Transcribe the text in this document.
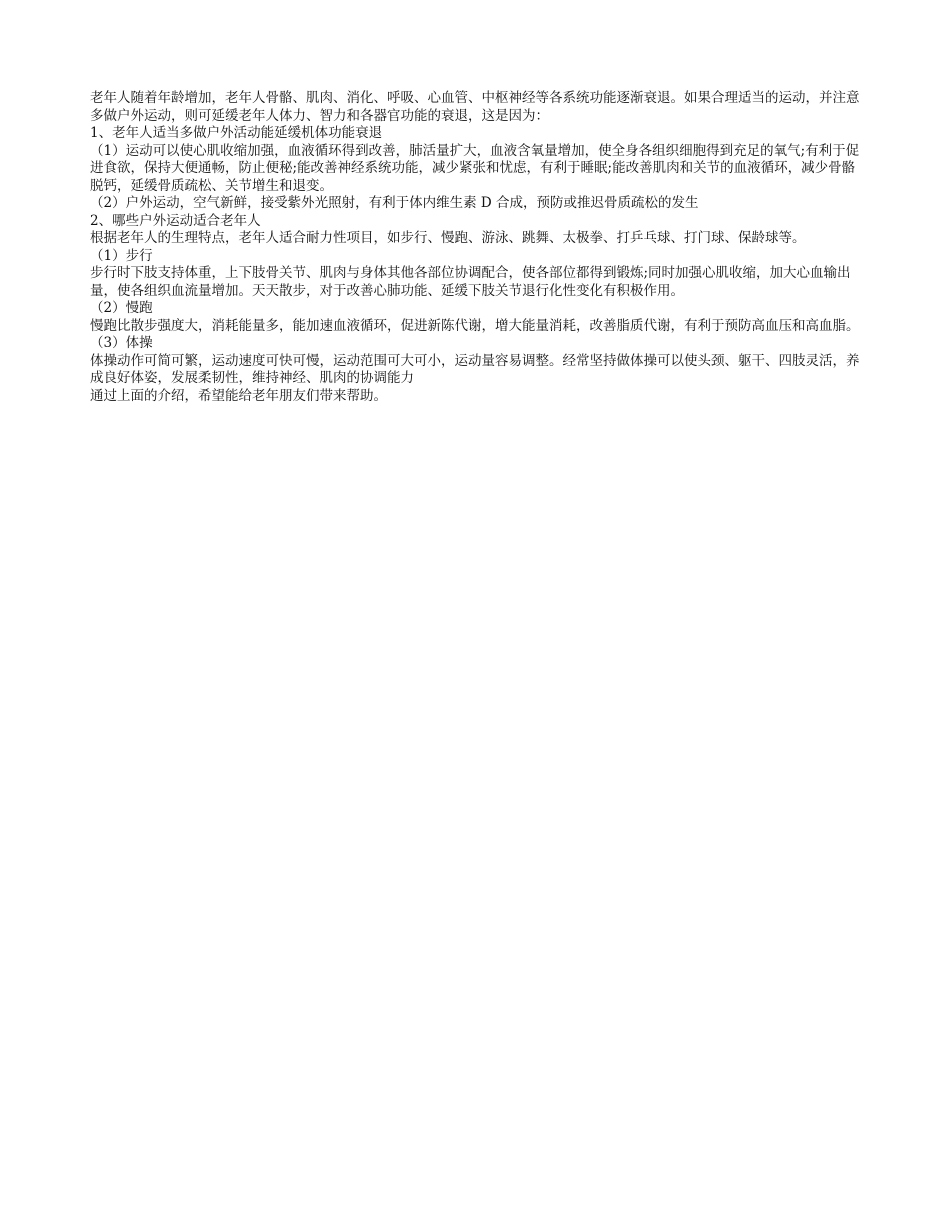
老年人随着年龄增加，老年人骨骼、肌肉、消化、呼吸、心血管、中枢神经等各系统功能逐渐衰退。如果合理适当的运动，并注意多做户外运动，则可延缓老年人体力、智力和各器官功能的衰退，这是因为：

1、老年人适当多做户外活动能延缓机体功能衰退

（1）运动可以使心肌收缩加强，血液循环得到改善，肺活量扩大，血液含氧量增加，使全身各组织细胞得到充足的氧气;有利于促进食欲，保持大便通畅，防止便秘;能改善神经系统功能，减少紧张和忧虑，有利于睡眠;能改善肌肉和关节的血液循环，减少骨骼脱钙，延缓骨质疏松、关节增生和退变。

（2）户外运动，空气新鲜，接受紫外光照射，有利于体内维生素 D 合成，预防或推迟骨质疏松的发生

2、哪些户外运动适合老年人

根据老年人的生理特点，老年人适合耐力性项目，如步行、慢跑、游泳、跳舞、太极拳、打乒乓球、打门球、保龄球等。

（1）步行

步行时下肢支持体重，上下肢骨关节、肌肉与身体其他各部位协调配合，使各部位都得到锻炼;同时加强心肌收缩，加大心血输出量，使各组织血流量增加。天天散步，对于改善心肺功能、延缓下肢关节退行化性变化有积极作用。

（2）慢跑

慢跑比散步强度大，消耗能量多，能加速血液循环，促进新陈代谢，增大能量消耗，改善脂质代谢，有利于预防高血压和高血脂。

（3）体操

体操动作可简可繁，运动速度可快可慢，运动范围可大可小，运动量容易调整。经常坚持做体操可以使头颈、躯干、四肢灵活，养成良好体姿，发展柔韧性，维持神经、肌肉的协调能力

通过上面的介绍，希望能给老年朋友们带来帮助。
